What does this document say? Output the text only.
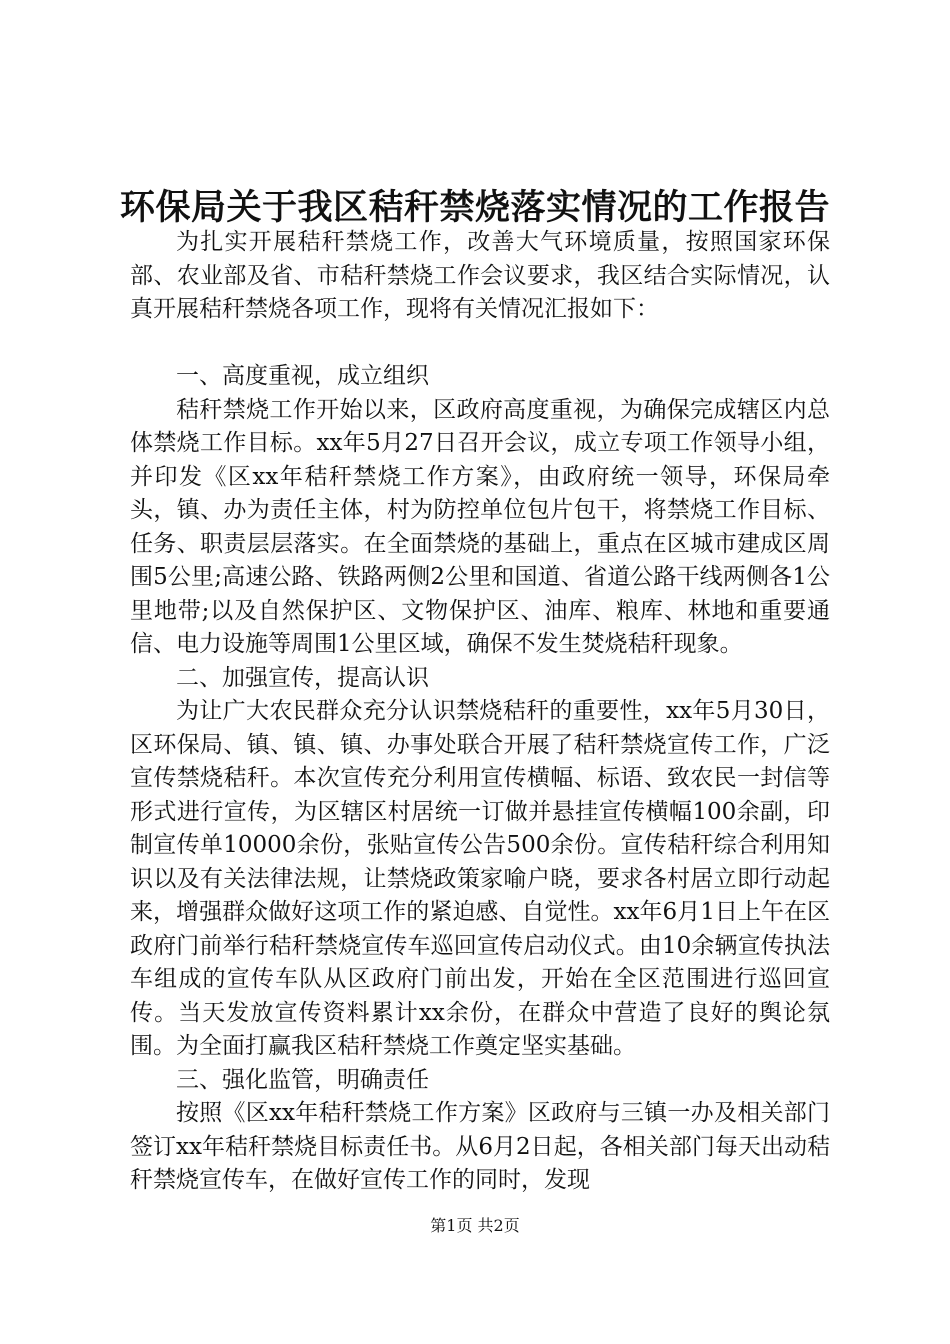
环保局关于我区秸秆禁烧落实情况的工作报告

为扎实开展秸秆禁烧工作，改善大气环境质量，按照国家环保部、农业部及省、市秸秆禁烧工作会议要求，我区结合实际情况，认真开展秸秆禁烧各项工作，现将有关情况汇报如下：

一、高度重视，成立组织

秸秆禁烧工作开始以来，区政府高度重视，为确保完成辖区内总体禁烧工作目标。xx年5月27日召开会议，成立专项工作领导小组，并印发《区xx年秸秆禁烧工作方案》，由政府统一领导，环保局牵头，镇、办为责任主体，村为防控单位包片包干，将禁烧工作目标、任务、职责层层落实。在全面禁烧的基础上，重点在区城市建成区周围5公里;高速公路、铁路两侧2公里和国道、省道公路干线两侧各1公里地带;以及自然保护区、文物保护区、油库、粮库、林地和重要通信、电力设施等周围1公里区域，确保不发生焚烧秸秆现象。

二、加强宣传，提高认识

为让广大农民群众充分认识禁烧秸秆的重要性，xx年5月30日，区环保局、镇、镇、镇、办事处联合开展了秸秆禁烧宣传工作，广泛宣传禁烧秸秆。本次宣传充分利用宣传横幅、标语、致农民一封信等形式进行宣传，为区辖区村居统一订做并悬挂宣传横幅100余副，印制宣传单10000余份，张贴宣传公告500余份。宣传秸秆综合利用知识以及有关法律法规，让禁烧政策家喻户晓，要求各村居立即行动起来，增强群众做好这项工作的紧迫感、自觉性。xx年6月1日上午在区政府门前举行秸秆禁烧宣传车巡回宣传启动仪式。由10余辆宣传执法车组成的宣传车队从区政府门前出发，开始在全区范围进行巡回宣传。当天发放宣传资料累计xx余份，在群众中营造了良好的舆论氛围。为全面打赢我区秸秆禁烧工作奠定坚实基础。

三、强化监管，明确责任

按照《区xx年秸秆禁烧工作方案》区政府与三镇一办及相关部门签订xx年秸秆禁烧目标责任书。从6月2日起，各相关部门每天出动秸秆禁烧宣传车，在做好宣传工作的同时，发现

第1页 共2页
